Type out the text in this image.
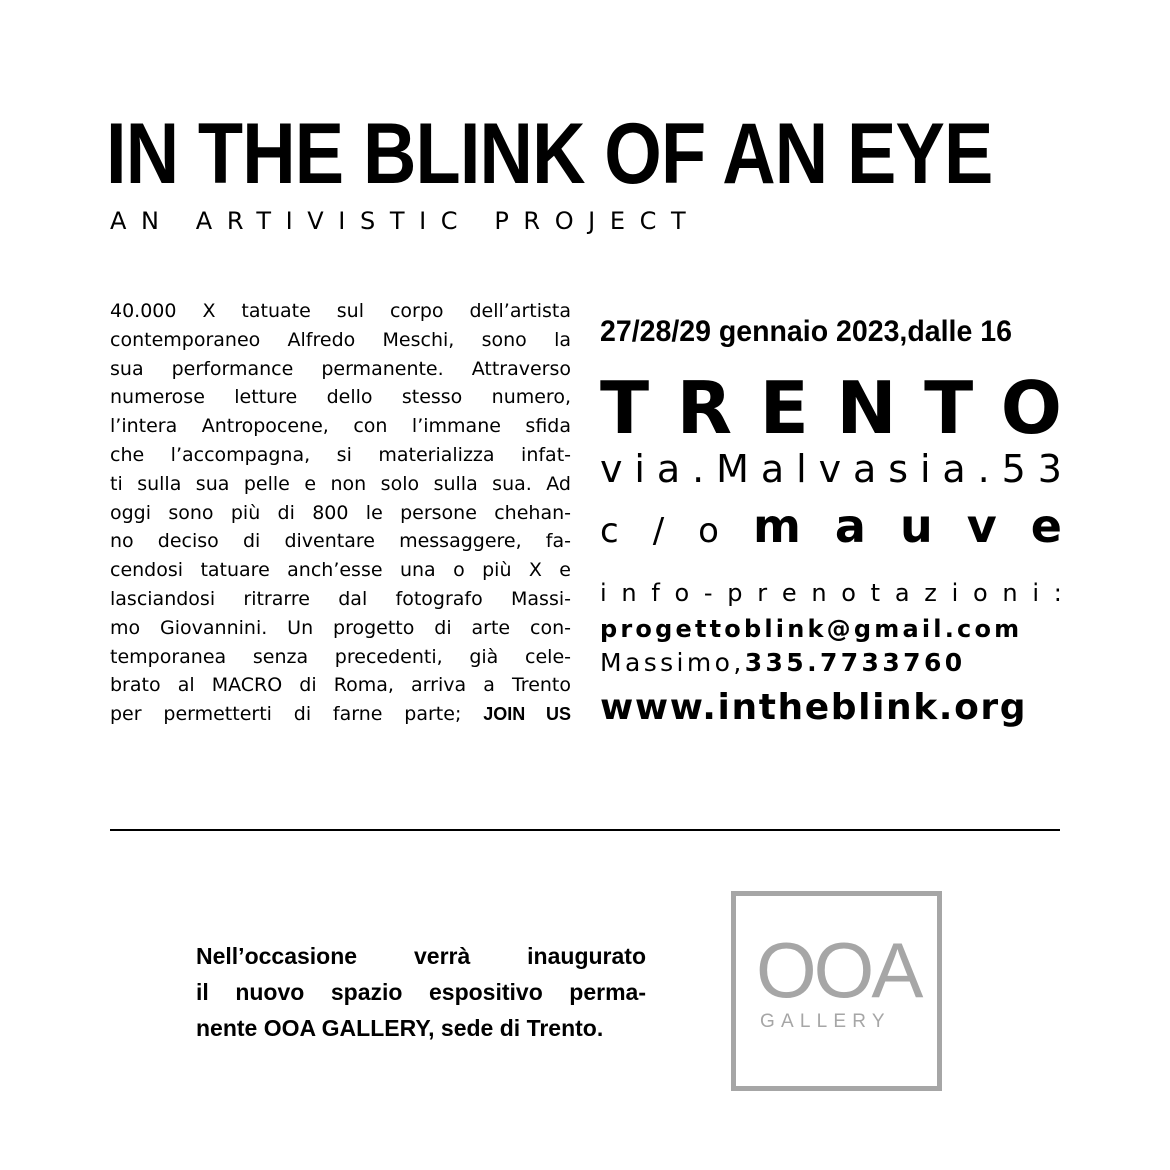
IN THE BLINK OF AN EYE
AN ARTIVISTIC PROJECT
40.000 X tatuate sul corpo dell’artista
contemporaneo Alfredo Meschi, sono la
sua performance permanente. Attraverso
numerose letture dello stesso numero,
l’intera Antropocene, con l’immane sfida
che l’accompagna, si materializza infat-
ti sulla sua pelle e non solo sulla sua. Ad
oggi sono più di 800 le persone chehan-
no deciso di diventare messaggere, fa-
cendosi tatuare anch’esse una o più X e
lasciandosi ritrarre dal fotografo Massi-
mo Giovannini. Un progetto di arte con-
temporanea senza precedenti, già cele-
brato al MACRO di Roma, arriva a Trento
per permetterti di farne parte; JOIN US
27/28/29 gennaio 2023,dalle 16
T R E N T O
v i a . M a l v a s i a . 5 3
c / o m a u v e
i n f o - p r e n o t a z i o n i :
progettoblink@gmail.com
Massimo,335.7733760
www.intheblink.org
Nell’occasione verrà inaugurato
il nuovo spazio espositivo perma-
nente OOA GALLERY, sede di Trento.
OOA
GALLERY
